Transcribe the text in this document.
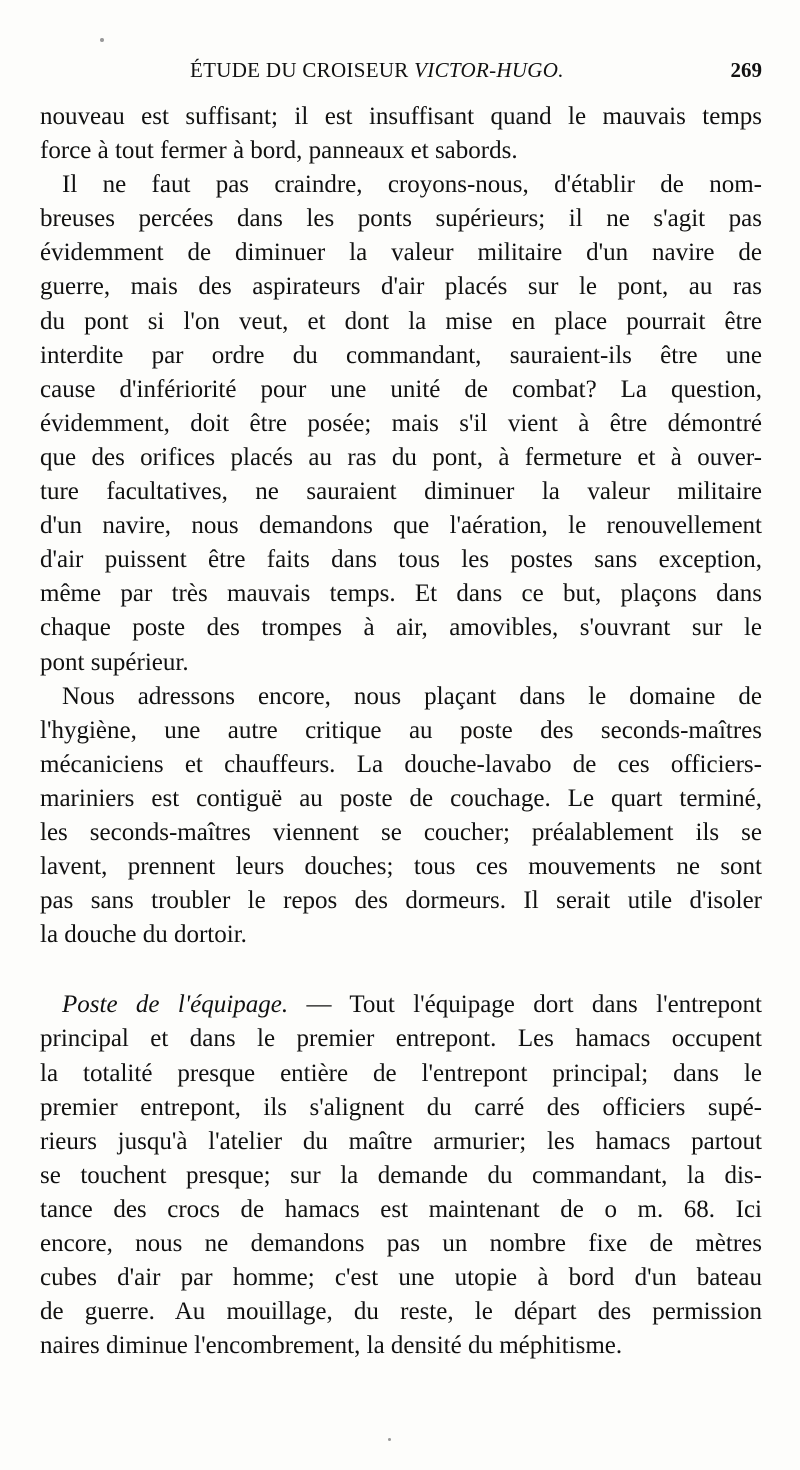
ÉTUDE DU CROISEUR VICTOR-HUGO.	269

nouveau est suffisant; il est insuffisant quand le mauvais temps
force à tout fermer à bord, panneaux et sabords.

Il ne faut pas craindre, croyons-nous, d'établir de nom-
breuses percées dans les ponts supérieurs; il ne s'agit pas
évidemment de diminuer la valeur militaire d'un navire de
guerre, mais des aspirateurs d'air placés sur le pont, au ras
du pont si l'on veut, et dont la mise en place pourrait être
interdite par ordre du commandant, sauraient-ils être une
cause d'infériorité pour une unité de combat? La question,
évidemment, doit être posée; mais s'il vient à être démontré
que des orifices placés au ras du pont, à fermeture et à ouver-
ture facultatives, ne sauraient diminuer la valeur militaire
d'un navire, nous demandons que l'aération, le renouvellement
d'air puissent être faits dans tous les postes sans exception,
même par très mauvais temps. Et dans ce but, plaçons dans
chaque poste des trompes à air, amovibles, s'ouvrant sur le
pont supérieur.

Nous adressons encore, nous plaçant dans le domaine de
l'hygiène, une autre critique au poste des seconds-maîtres
mécaniciens et chauffeurs. La douche-lavabo de ces officiers-
mariniers est contiguë au poste de couchage. Le quart terminé,
les seconds-maîtres viennent se coucher; préalablement ils se
lavent, prennent leurs douches; tous ces mouvements ne sont
pas sans troubler le repos des dormeurs. Il serait utile d'isoler
la douche du dortoir.

Poste de l'équipage. — Tout l'équipage dort dans l'entrepont
principal et dans le premier entrepont. Les hamacs occupent
la totalité presque entière de l'entrepont principal; dans le
premier entrepont, ils s'alignent du carré des officiers supé-
rieurs jusqu'à l'atelier du maître armurier; les hamacs partout
se touchent presque; sur la demande du commandant, la dis-
tance des crocs de hamacs est maintenant de o m. 68. Ici
encore, nous ne demandons pas un nombre fixe de mètres
cubes d'air par homme; c'est une utopie à bord d'un bateau
de guerre. Au mouillage, du reste, le départ des permission
naires diminue l'encombrement, la densité du méphitisme.
